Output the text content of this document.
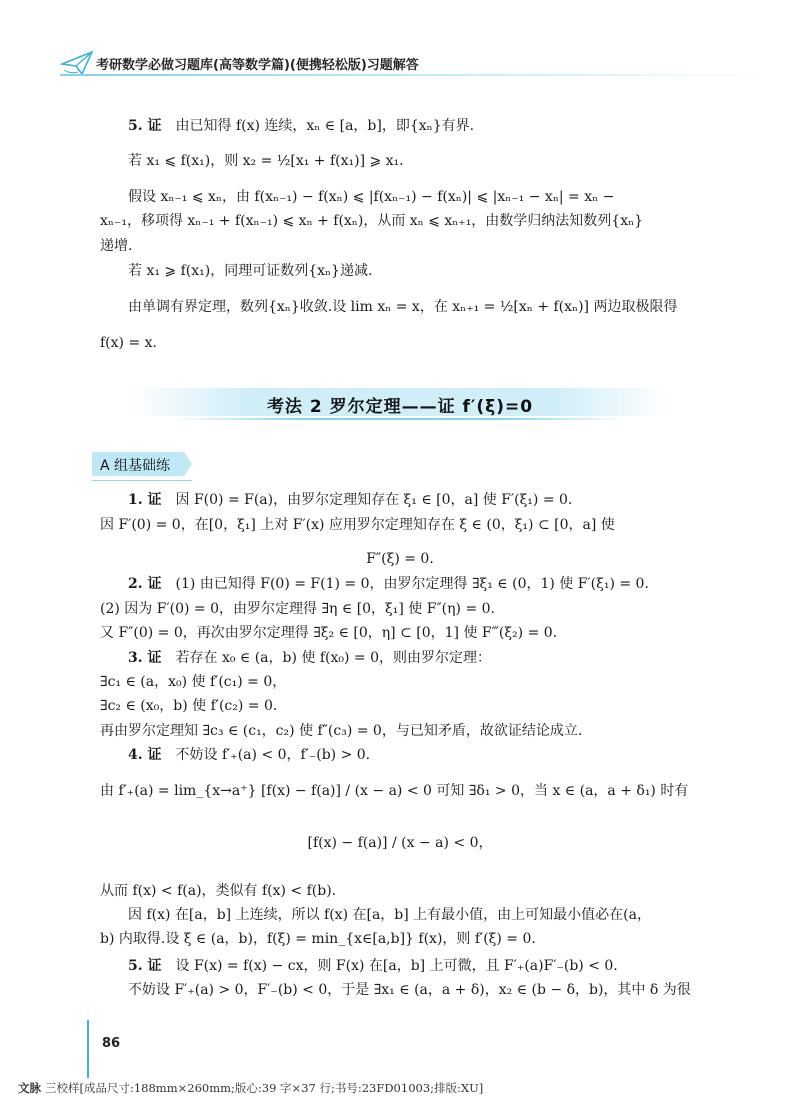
考研数学必做习题库(高等数学篇)(便携轻松版)习题解答
5. 证 由已知得 f(x) 连续，xₙ ∈ [a，b]，即{xₙ}有界.
若 x₁ ⩽ f(x₁)，则 x₂ = ½[x₁ + f(x₁)] ⩾ x₁.
假设 xₙ₋₁ ⩽ xₙ，由 f(xₙ₋₁) − f(xₙ) ⩽ |f(xₙ₋₁) − f(xₙ)| ⩽ |xₙ₋₁ − xₙ| = xₙ −
xₙ₋₁，移项得 xₙ₋₁ + f(xₙ₋₁) ⩽ xₙ + f(xₙ)，从而 xₙ ⩽ xₙ₊₁，由数学归纳法知数列{xₙ}
递增.
若 x₁ ⩾ f(x₁)，同理可证数列{xₙ}递减.
由单调有界定理，数列{xₙ}收敛.设 lim xₙ = x，在 xₙ₊₁ = ½[xₙ + f(xₙ)] 两边取极限得
f(x) = x.
考法 2 罗尔定理——证 f′(ξ)=0
A 组基础练
1. 证 因 F(0) = F(a)，由罗尔定理知存在 ξ₁ ∈ [0，a] 使 F′(ξ₁) = 0.
因 F′(0) = 0，在[0，ξ₁] 上对 F′(x) 应用罗尔定理知存在 ξ ∈ (0，ξ₁) ⊂ [0，a] 使
F″(ξ) = 0.
2. 证 (1) 由已知得 F(0) = F(1) = 0，由罗尔定理得 ∃ξ₁ ∈ (0，1) 使 F′(ξ₁) = 0.
(2) 因为 F′(0) = 0，由罗尔定理得 ∃η ∈ [0，ξ₁] 使 F″(η) = 0.
又 F″(0) = 0，再次由罗尔定理得 ∃ξ₂ ∈ [0，η] ⊂ [0，1] 使 F‴(ξ₂) = 0.
3. 证 若存在 x₀ ∈ (a，b) 使 f(x₀) = 0，则由罗尔定理：
∃c₁ ∈ (a，x₀) 使 f′(c₁) = 0，
∃c₂ ∈ (x₀，b) 使 f′(c₂) = 0.
再由罗尔定理知 ∃c₃ ∈ (c₁，c₂) 使 f″(c₃) = 0，与已知矛盾，故欲证结论成立.
4. 证 不妨设 f′₊(a) < 0，f′₋(b) > 0.
由 f′₊(a) = lim_{x→a⁺} [f(x) − f(a)] / (x − a) < 0 可知 ∃δ₁ > 0，当 x ∈ (a，a + δ₁) 时有
[f(x) − f(a)] / (x − a) < 0，
从而 f(x) < f(a)，类似有 f(x) < f(b).
因 f(x) 在[a，b] 上连续，所以 f(x) 在[a，b] 上有最小值，由上可知最小值必在(a，
b) 内取得.设 ξ ∈ (a，b)，f(ξ) = min_{x∈[a,b]} f(x)，则 f′(ξ) = 0.
5. 证 设 F(x) = f(x) − cx，则 F(x) 在[a，b] 上可微，且 F′₊(a)F′₋(b) < 0.
不妨设 F′₊(a) > 0，F′₋(b) < 0，于是 ∃x₁ ∈ (a，a + δ)，x₂ ∈ (b − δ，b)，其中 δ 为很
86
文脉 三校样[成品尺寸:188mm×260mm;版心:39 字×37 行;书号:23FD01003;排版:XU]
